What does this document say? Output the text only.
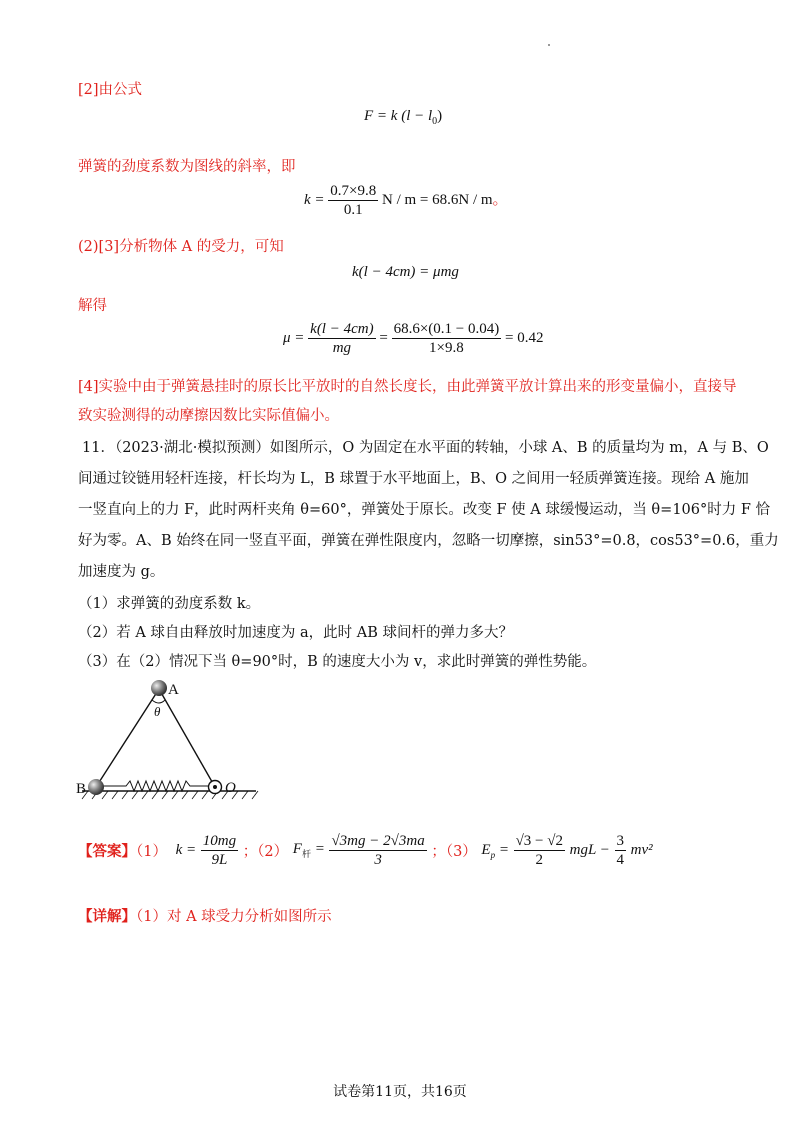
[2]由公式
F = k $(l - l_0)$
弹簧的劲度系数为图线的斜率，即
$k = \frac{0.7\times 9.8}{0.1}$ N / m = 68.6N / m。
(2)[3]分析物体 A 的受力，可知
k(l − 4cm) = μmg
解得
$\mu = \frac{k(l - 4cm)}{mg} = \frac{68.6\times(0.1 - 0.04)}{1\times 9.8} = 0.42$
[4]实验中由于弹簧悬挂时的原长比平放时的自然长度长，由此弹簧平放计算出来的形变量偏小，直接导
致实验测得的动摩擦因数比实际值偏小。
11．（2023·湖北·模拟预测）如图所示，O 为固定在水平面的转轴，小球 A、B 的质量均为 m，A 与 B、O
间通过铰链用轻杆连接，杆长均为 L，B 球置于水平地面上，B、O 之间用一轻质弹簧连接。现给 A 施加
一竖直向上的力 F，此时两杆夹角 θ=60°，弹簧处于原长。改变 F 使 A 球缓慢运动，当 θ=106°时力 F 恰
好为零。A、B 始终在同一竖直平面，弹簧在弹性限度内，忽略一切摩擦，sin53°=0.8，cos53°=0.6，重力
加速度为 g。
（1）求弹簧的劲度系数 k。
（2）若 A 球自由释放时加速度为 a，此时 AB 球间杆的弹力多大？
（3）在（2）情况下当 θ=90°时，B 的速度大小为 v，求此时弹簧的弹性势能。
A
θ
B	O
【答案】（1） $k = \frac{10mg}{9L}$ ；（2） $F_杆 = \frac{√3mg - 2√3ma}{3}$ ；（3） $E_p = \frac{√3 - √2}{2}$ mgL − $\frac{3}{4} mv^2$
【详解】（1）对 A 球受力分析如图所示
试卷第11页，共16页
